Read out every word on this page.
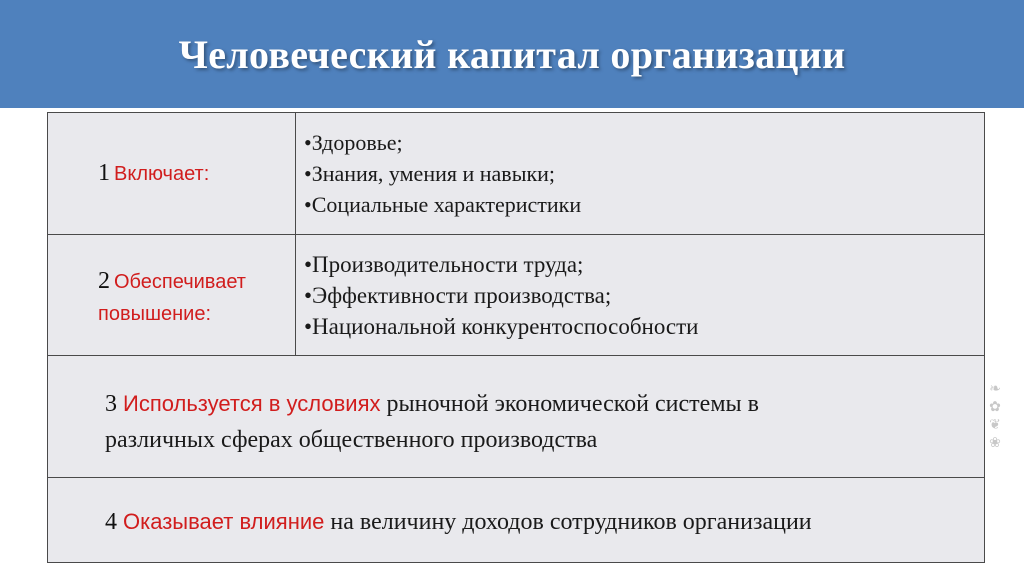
Человеческий капитал организации
1 Включает:
•Здоровье;
•Знания, умения и навыки;
•Социальные характеристики
2 Обеспечивает
повышение:
•Производительности труда;
•Эффективности производства;
•Национальной конкурентоспособности
3 Используется в условиях рыночной экономической системы в
различных сферах общественного производства
4 Оказывает влияние на величину доходов сотрудников организации
❧
✿
❦
❀
